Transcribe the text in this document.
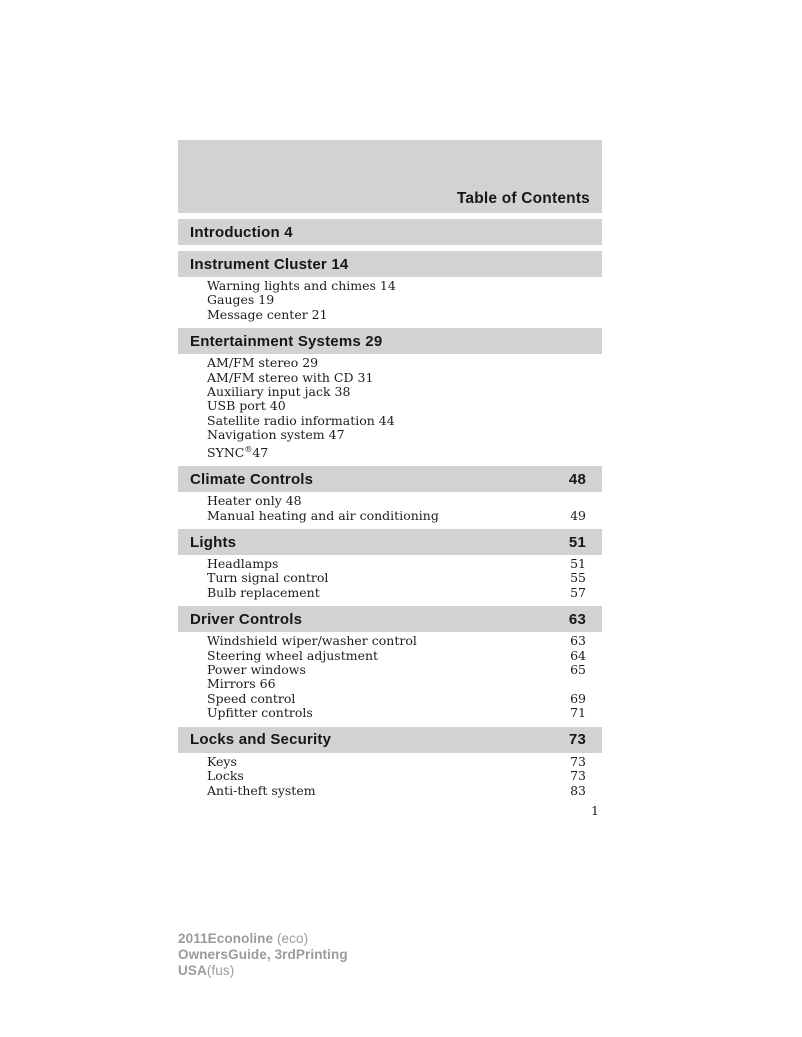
Table of Contents
Introduction 4
Instrument Cluster 14
Warning lights and chimes 14
Gauges 19
Message center 21
Entertainment Systems 29
AM/FM stereo 29
AM/FM stereo with CD 31
Auxiliary input jack 38
USB port 40
Satellite radio information 44
Navigation system 47
SYNC®47
Climate Controls	48
Heater only 48
Manual heating and air conditioning	49
Lights	51
Headlamps	51
Turn signal control	55
Bulb replacement	57
Driver Controls	63
Windshield wiper/washer control	63
Steering wheel adjustment	64
Power windows	65
Mirrors 66
Speed control	69
Upfitter controls	71
Locks and Security	73
Keys	73
Locks	73
Anti-theft system	83
1
2011Econoline (eco)
OwnersGuide, 3rdPrinting
USA(fus)
